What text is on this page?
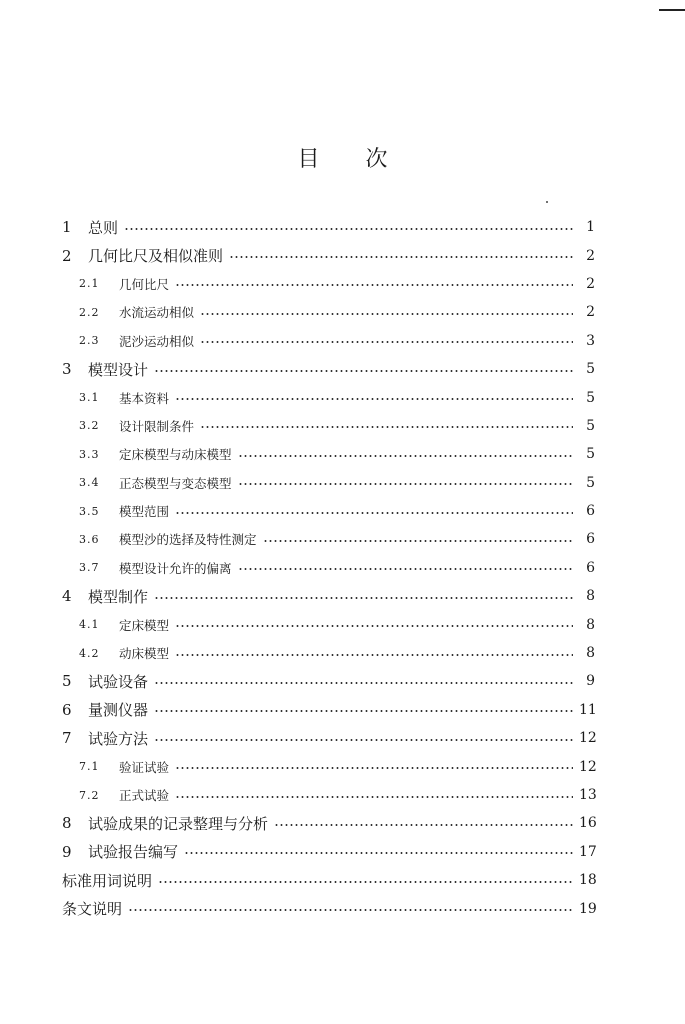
目 次
1	总则	1
2	几何比尺及相似准则	2
2.1	几何比尺	2
2.2	水流运动相似	2
2.3	泥沙运动相似	3
3	模型设计	5
3.1	基本资料	5
3.2	设计限制条件	5
3.3	定床模型与动床模型	5
3.4	正态模型与变态模型	5
3.5	模型范围	6
3.6	模型沙的选择及特性测定	6
3.7	模型设计允许的偏离	6
4	模型制作	8
4.1	定床模型	8
4.2	动床模型	8
5	试验设备	9
6	量测仪器	11
7	试验方法	12
7.1	验证试验	12
7.2	正式试验	13
8	试验成果的记录整理与分析	16
9	试验报告编写	17
标准用词说明	18
条文说明	19
